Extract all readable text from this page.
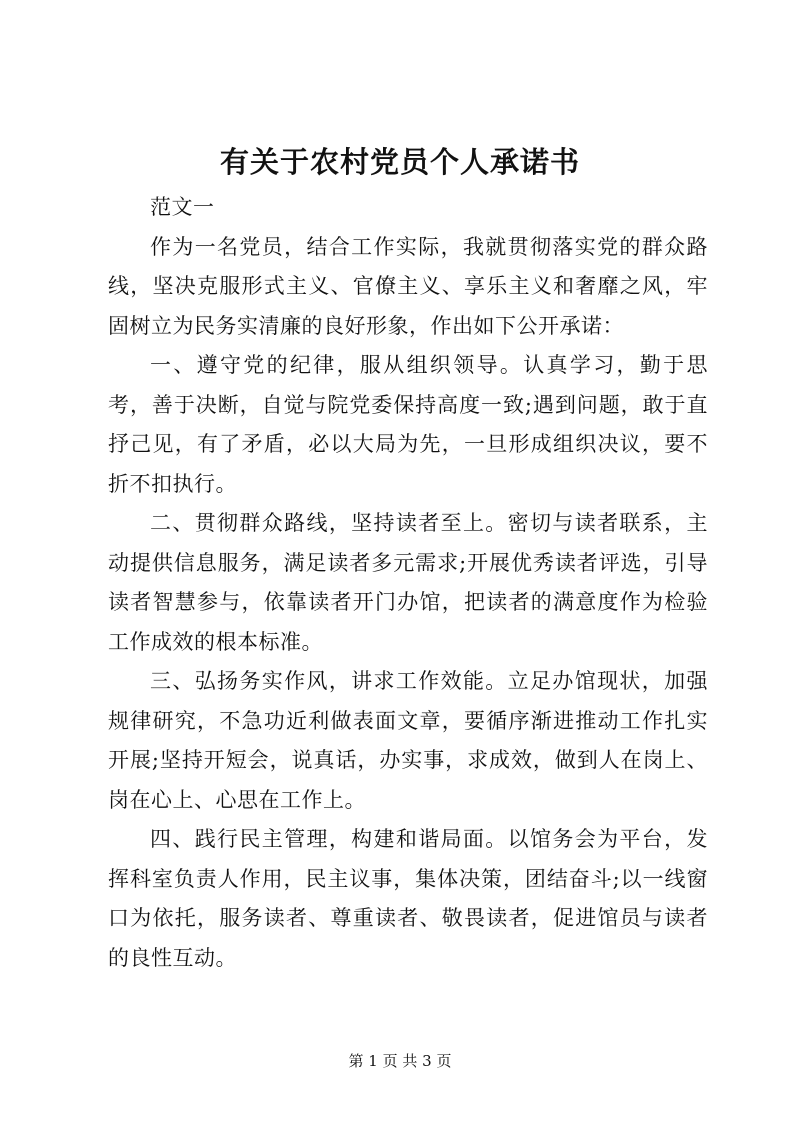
有关于农村党员个人承诺书

范文一

作为一名党员，结合工作实际，我就贯彻落实党的群众路线，坚决克服形式主义、官僚主义、享乐主义和奢靡之风，牢固树立为民务实清廉的良好形象，作出如下公开承诺：

一、遵守党的纪律，服从组织领导。认真学习，勤于思考，善于决断，自觉与院党委保持高度一致;遇到问题，敢于直抒己见，有了矛盾，必以大局为先，一旦形成组织决议，要不折不扣执行。

二、贯彻群众路线，坚持读者至上。密切与读者联系，主动提供信息服务，满足读者多元需求;开展优秀读者评选，引导读者智慧参与，依靠读者开门办馆，把读者的满意度作为检验工作成效的根本标准。

三、弘扬务实作风，讲求工作效能。立足办馆现状，加强规律研究，不急功近利做表面文章，要循序渐进推动工作扎实开展;坚持开短会，说真话，办实事，求成效，做到人在岗上、岗在心上、心思在工作上。

四、践行民主管理，构建和谐局面。以馆务会为平台，发挥科室负责人作用，民主议事，集体决策，团结奋斗;以一线窗口为依托，服务读者、尊重读者、敬畏读者，促进馆员与读者的良性互动。

第 1 页 共 3 页
